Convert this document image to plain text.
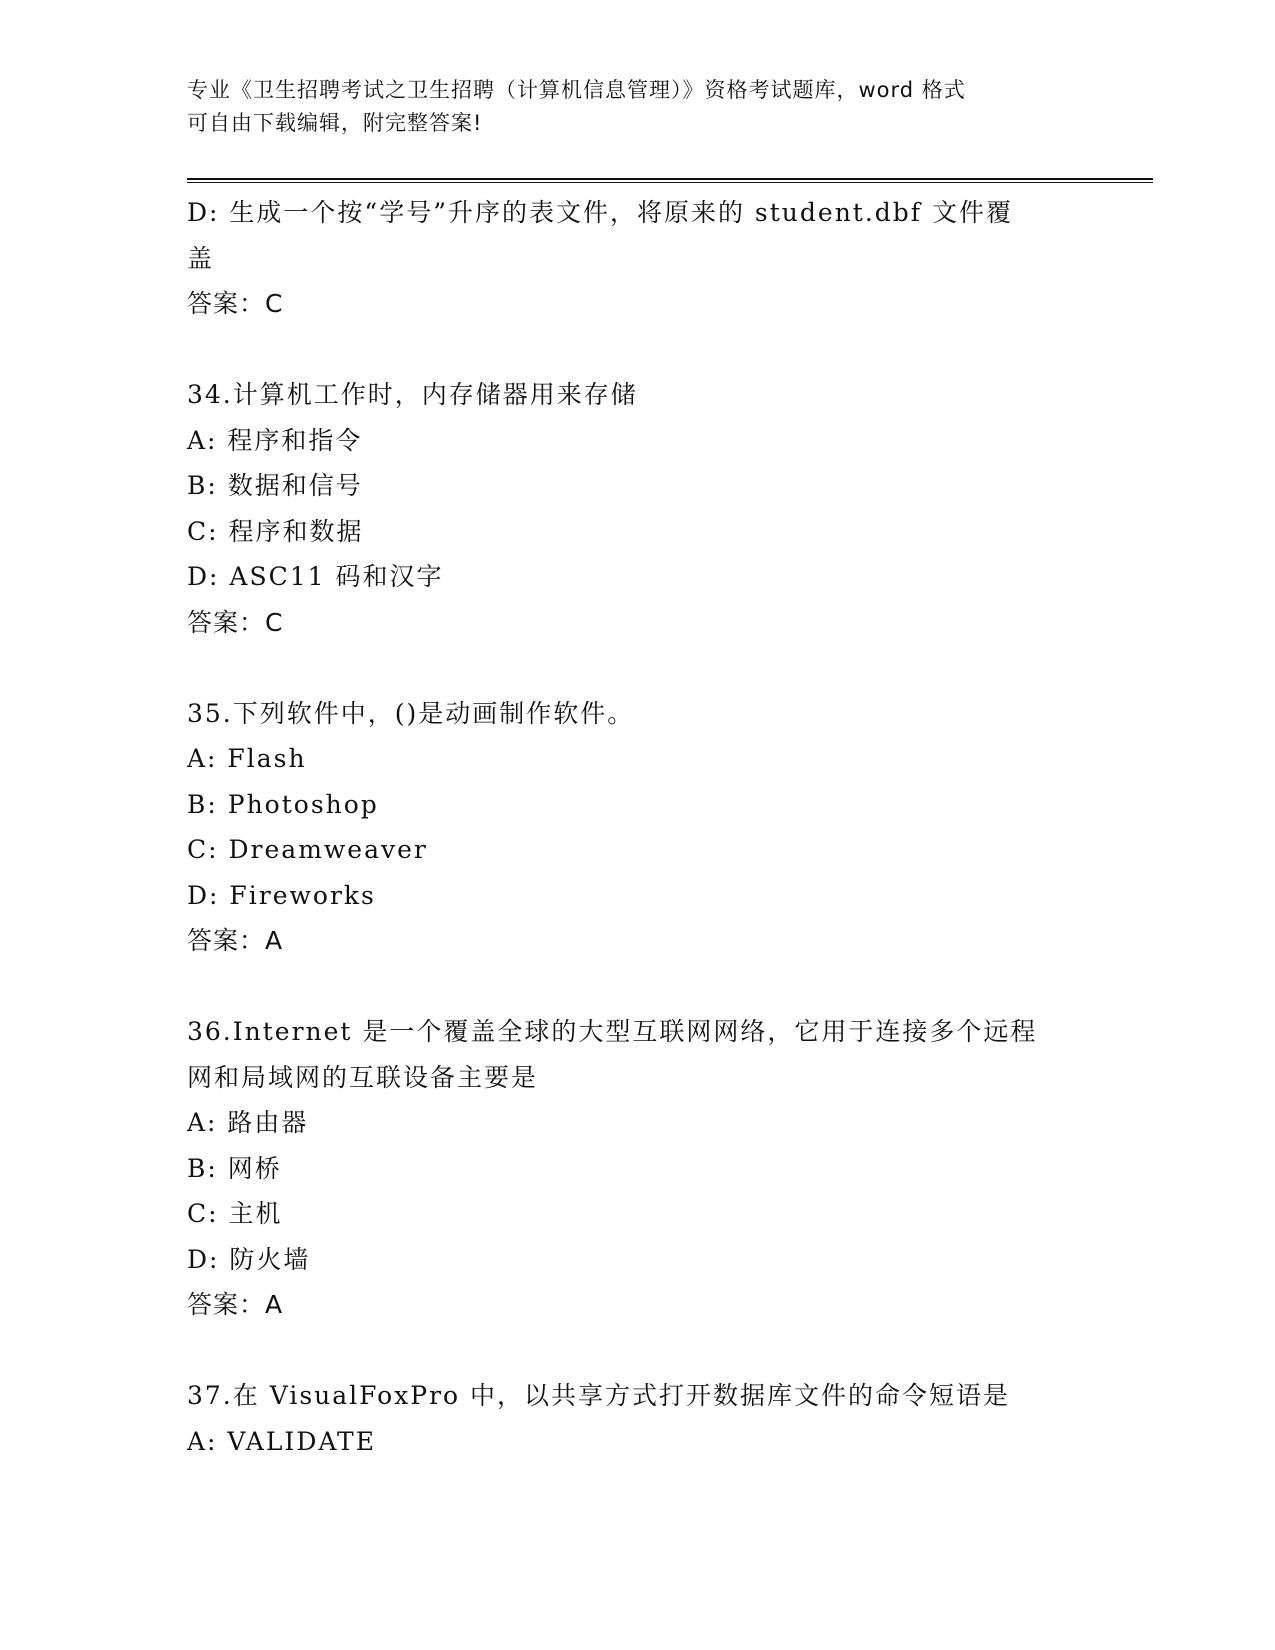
专业《卫生招聘考试之卫生招聘（计算机信息管理）》资格考试题库，word 格式
可自由下载编辑，附完整答案!
D: 生成一个按“学号”升序的表文件，将原来的 student.dbf 文件覆
盖
答案：C
34.计算机工作时，内存储器用来存储
A: 程序和指令
B: 数据和信号
C: 程序和数据
D: ASC11 码和汉字
答案：C
35.下列软件中，()是动画制作软件。
A: Flash
B: Photoshop
C: Dreamweaver
D: Fireworks
答案：A
36.Internet 是一个覆盖全球的大型互联网网络，它用于连接多个远程
网和局域网的互联设备主要是
A: 路由器
B: 网桥
C: 主机
D: 防火墙
答案：A
37.在 VisualFoxPro 中，以共享方式打开数据库文件的命令短语是
A: VALIDATE
